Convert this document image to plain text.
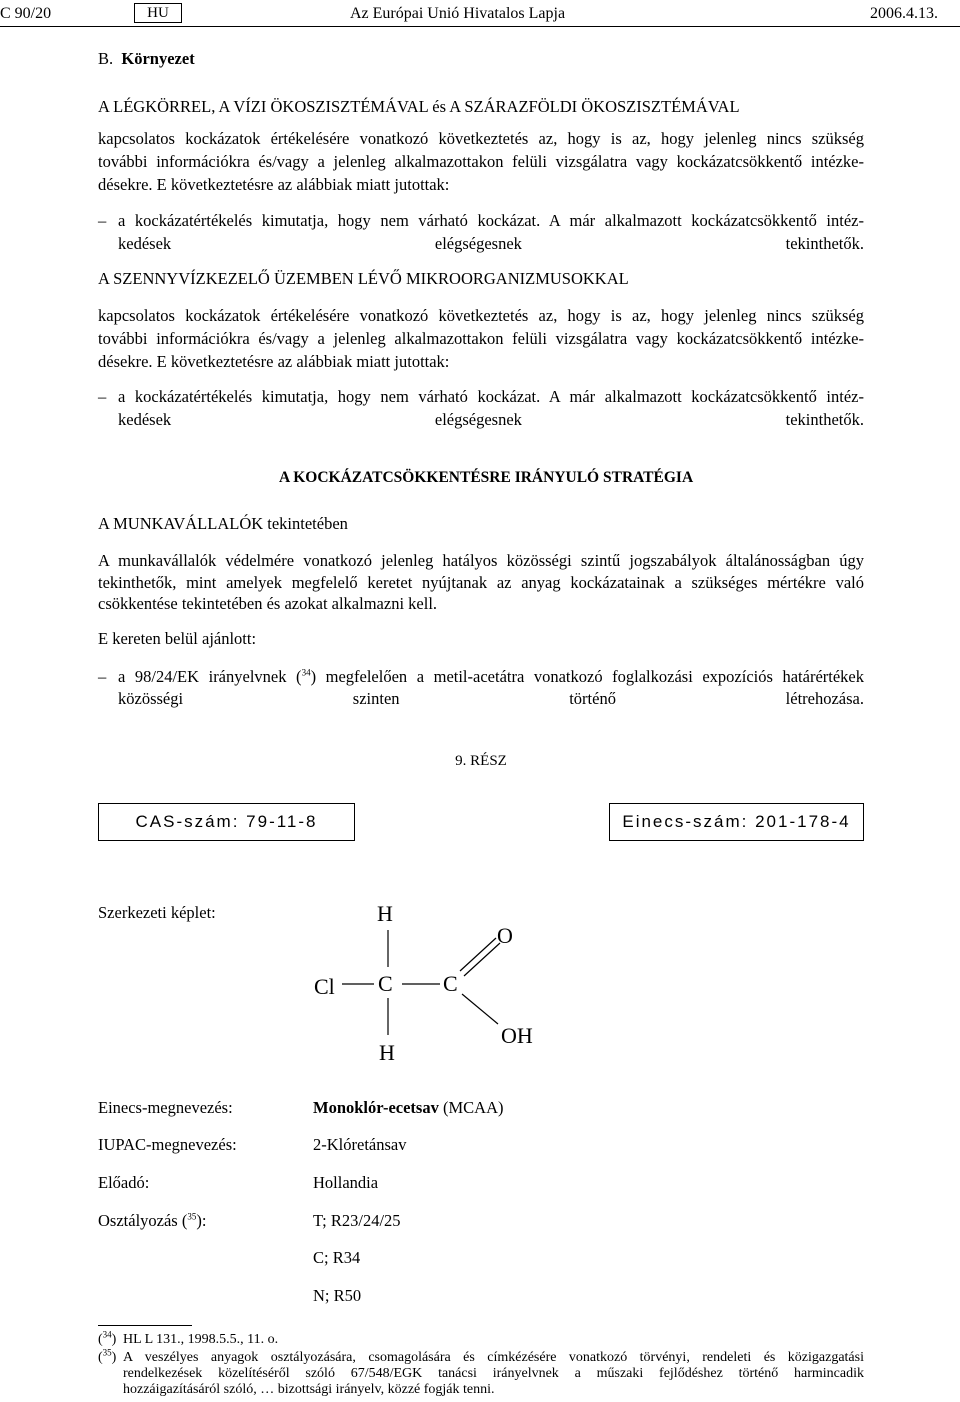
C 90/20	HU	Az Európai Unió Hivatalos Lapja	2006.4.13.
B. Környezet
A LÉGKÖRREL, A VÍZI ÖKOSZISZTÉMÁVAL és A SZÁRAZFÖLDI ÖKOSZISZTÉMÁVAL
kapcsolatos kockázatok értékelésére vonatkozó következtetés az, hogy is az, hogy jelenleg nincs szükség
további információkra és/vagy a jelenleg alkalmazottakon felüli vizsgálatra vagy kockázatcsökkentő intézke-
désekre. E következtetésre az alábbiak miatt jutottak:
– a kockázatértékelés kimutatja, hogy nem várható kockázat. A már alkalmazott kockázatcsökkentő intéz-
kedések elégségesnek tekinthetők.
A SZENNYVÍZKEZELŐ ÜZEMBEN LÉVŐ MIKROORGANIZMUSOKKAL
kapcsolatos kockázatok értékelésére vonatkozó következtetés az, hogy is az, hogy jelenleg nincs szükség
további információkra és/vagy a jelenleg alkalmazottakon felüli vizsgálatra vagy kockázatcsökkentő intézke-
désekre. E következtetésre az alábbiak miatt jutottak:
– a kockázatértékelés kimutatja, hogy nem várható kockázat. A már alkalmazott kockázatcsökkentő intéz-
kedések elégségesnek tekinthetők.
A KOCKÁZATCSÖKKENTÉSRE IRÁNYULÓ STRATÉGIA
A MUNKAVÁLLALÓK tekintetében
A munkavállalók védelmére vonatkozó jelenleg hatályos közösségi szintű jogszabályok általánosságban úgy
tekinthetők, mint amelyek megfelelő keretet nyújtanak az anyag kockázatainak a szükséges mértékre való
csökkentése tekintetében és azokat alkalmazni kell.
E kereten belül ajánlott:
– a 98/24/EK irányelvnek ($^{34}$) megfelelően a metil-acetátra vonatkozó foglalkozási expozíciós határértékek
közösségi szinten történő létrehozása.
9. RÉSZ
CAS-szám: 79-11-8	Einecs-szám: 201-178-4
Szerkezeti képlet:	H
Cl C C
O
OH
H
Einecs-megnevezés:	Monoklór-ecetsav (MCAA)
IUPAC-megnevezés:	2-Klóretánsav
Előadó:	Hollandia
Osztályozás ($^{35}$):	T; R23/24/25
C; R34
N; R50
($^{34}$) HL L 131., 1998.5.5., 11. o.
($^{35}$) A veszélyes anyagok osztályozására, csomagolására és címkézésére vonatkozó törvényi, rendeleti és közigazgatási
rendelkezések közelítéséről szóló 67/548/EGK tanácsi irányelvnek a műszaki fejlődéshez történő harmincadik
hozzáigazításáról szóló, … bizottsági irányelv, közzé fogják tenni.
